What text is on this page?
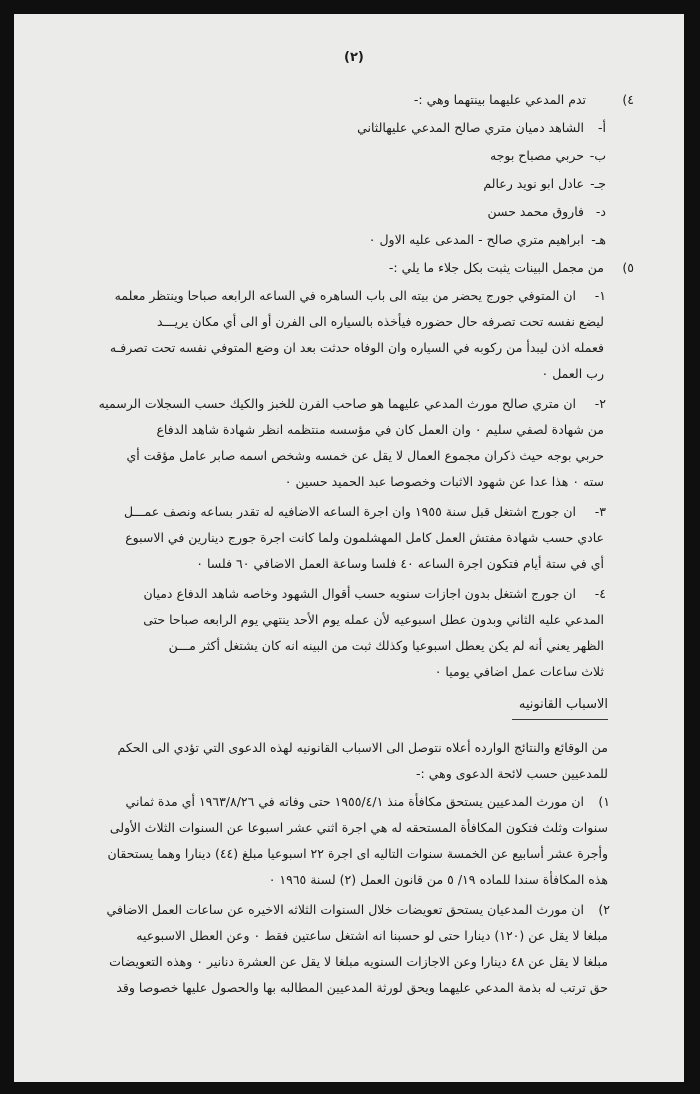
(٢)
٤)
تدم المدعي عليهما بينتهما وهي :-
أ-
الشاهد دميان متري صالح المدعي عليهالثاني
ب-
حربي مصباح بوجه
جـ-
عادل ابو نويد رعالم
د-
فاروق محمد حسن
هـ-
ابراهيم متري صالح - المدعى عليه الاول ٠
٥)
من مجمل البينات يثبت بكل جلاء ما يلي :-
١-
ان المتوفي جورج يحضر من بيته الى باب الساهره في الساعه الرابعه صباحا وينتظر معلمه
ليضع نفسه تحت تصرفه حال حضوره فيأخذه بالسياره الى الفرن أو الى أي مكان يريـــد
فعمله اذن ليبدأ من ركوبه في السياره وان الوفاه حدثت بعد ان وضع المتوفي نفسه تحت تصرفـه
رب العمل ٠
٢-
ان متري صالح مورث المدعي عليهما هو صاحب الفرن للخبز والكيك حسب السجلات الرسميه
من شهادة لصفي سليم ٠ وان العمل كان في مؤسسه منتظمه انظر شهادة شاهد الدفاع
حربي بوجه حيث ذكران مجموع العمال لا يقل عن خمسه وشخص اسمه صابر عامل مؤقت أي
سته ٠ هذا عدا عن شهود الاثبات وخصوصا عبد الحميد حسين ٠
٣-
ان جورج اشتغل قبل سنة ١٩٥٥ وان اجرة الساعه الاضافيه له تقدر بساعه ونصف عمـــل
عادي حسب شهادة مفتش العمل كامل المهشلمون ولما كانت اجرة جورج دينارين في الاسبوع
أي في ستة أيام فتكون اجرة الساعه ٤٠ فلسا وساعة العمل الاضافي ٦٠ فلسا ٠
٤-
ان جورج اشتغل بدون اجازات سنويه حسب أقوال الشهود وخاصه شاهد الدفاع دميان
المدعي عليه الثاني وبدون عطل اسبوعيه لأن عمله يوم الأحد ينتهي يوم الرابعه صباحا حتى
الظهر يعني أنه لم يكن يعطل اسبوعيا وكذلك ثبت من البينه انه كان يشتغل أكثر مـــن
ثلاث ساعات عمل اضافي يوميا ٠
الاسباب القانونيه
من الوقائع والنتائج الوارده أعلاه نتوصل الى الاسباب القانونيه لهذه الدعوى التي تؤدي الى الحكم
للمدعيين حسب لائحة الدعوى وهي :-
١)
ان مورث المدعيين يستحق مكافأة منذ ١٩٥٥/٤/١ حتى وفاته في ١٩٦٣/٨/٢٦ أي مدة ثماني
سنوات وثلث فتكون المكافأة المستحقه له هي اجرة اثني عشر اسبوعا عن السنوات الثلاث الأولى
وأجرة عشر أسابيع عن الخمسة سنوات التاليه اى اجرة ٢٢ اسبوعيا مبلغ (٤٤) دينارا وهما يستحقان
هذه المكافأة سندا للماده ١٩/ ٥ من قانون العمل (٢) لسنة ١٩٦٥ ٠
٢)
ان مورث المدعيان يستحق تعويضات خلال السنوات الثلاثه الاخيره عن ساعات العمل الاضافي
مبلغا لا يقل عن (١٢٠) دينارا حتى لو حسبنا انه اشتغل ساعتين فقط ٠ وعن العطل الاسبوعيه
مبلغا لا يقل عن ٤٨ دينارا وعن الاجازات السنويه مبلغا لا يقل عن العشرة دنانير ٠ وهذه التعويضات
حق ترتب له بذمة المدعي عليهما ويحق لورثة المدعيين المطالبه بها والحصول عليها خصوصا وقد
